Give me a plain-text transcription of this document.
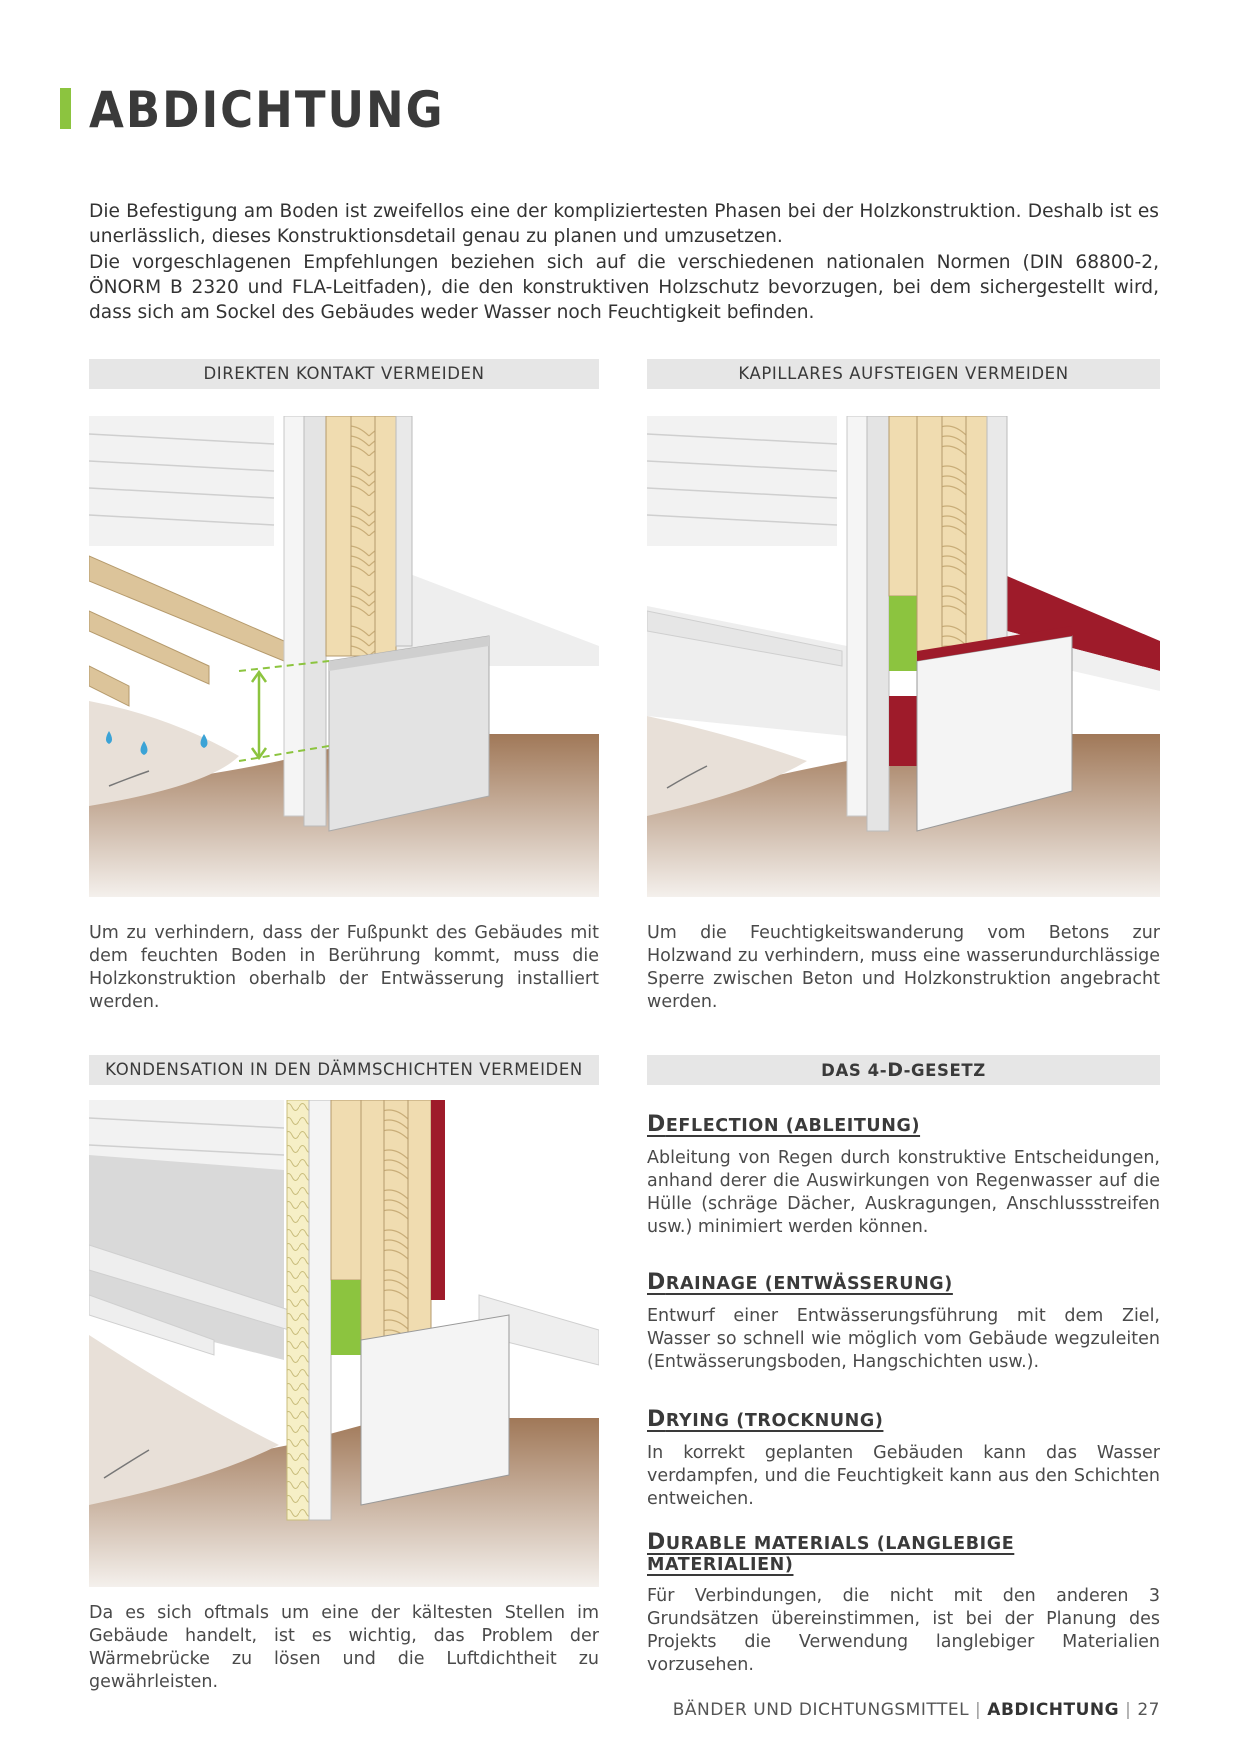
ABDICHTUNG

Die Befestigung am Boden ist zweifellos eine der kompliziertesten Phasen bei der Holzkonstruktion. Deshalb ist es unerlässlich, dieses Konstruktionsdetail genau zu planen und umzusetzen.

Die vorgeschlagenen Empfehlungen beziehen sich auf die verschiedenen nationalen Normen (DIN 68800-2, ÖNORM B 2320 und FLA-Leitfaden), die den konstruktiven Holzschutz bevorzugen, bei dem sichergestellt wird, dass sich am Sockel des Gebäudes weder Wasser noch Feuchtigkeit befinden.

DIREKTEN KONTAKT VERMEIDEN
Um zu verhindern, dass der Fußpunkt des Gebäudes mit dem feuchten Boden in Berührung kommt, muss die Holzkonstruktion oberhalb der Entwässerung installiert werden.
KAPILLARES AUFSTEIGEN VERMEIDEN
Um die Feuchtigkeitswanderung vom Betons zur Holzwand zu verhindern, muss eine wasserundurchlässige Sperre zwischen Beton und Holzkonstruktion angebracht werden.
KONDENSATION IN DEN DÄMMSCHICHTEN VERMEIDEN
Da es sich oftmals um eine der kältesten Stellen im Gebäude handelt, ist es wichtig, das Problem der Wärmebrücke zu lösen und die Luftdichtheit zu gewährleisten.
DAS 4-D-GESETZ

DEFLECTION (ABLEITUNG)

Ableitung von Regen durch konstruktive Entscheidungen, anhand derer die Auswirkungen von Regenwasser auf die Hülle (schräge Dächer, Auskragungen, Anschlussstreifen usw.) minimiert werden können.

DRAINAGE (ENTWÄSSERUNG)

Entwurf einer Entwässerungsführung mit dem Ziel, Wasser so schnell wie möglich vom Gebäude wegzuleiten (Entwässerungsboden, Hangschichten usw.).

DRYING (TROCKNUNG)

In korrekt geplanten Gebäuden kann das Wasser verdampfen, und die Feuchtigkeit kann aus den Schichten entweichen.

DURABLE MATERIALS (LANGLEBIGE MATERIALIEN)

Für Verbindungen, die nicht mit den anderen 3 Grundsätzen übereinstimmen, ist bei der Planung des Projekts die Verwendung langlebiger Materialien vorzusehen.

BÄNDER UND DICHTUNGSMITTEL | ABDICHTUNG | 27
